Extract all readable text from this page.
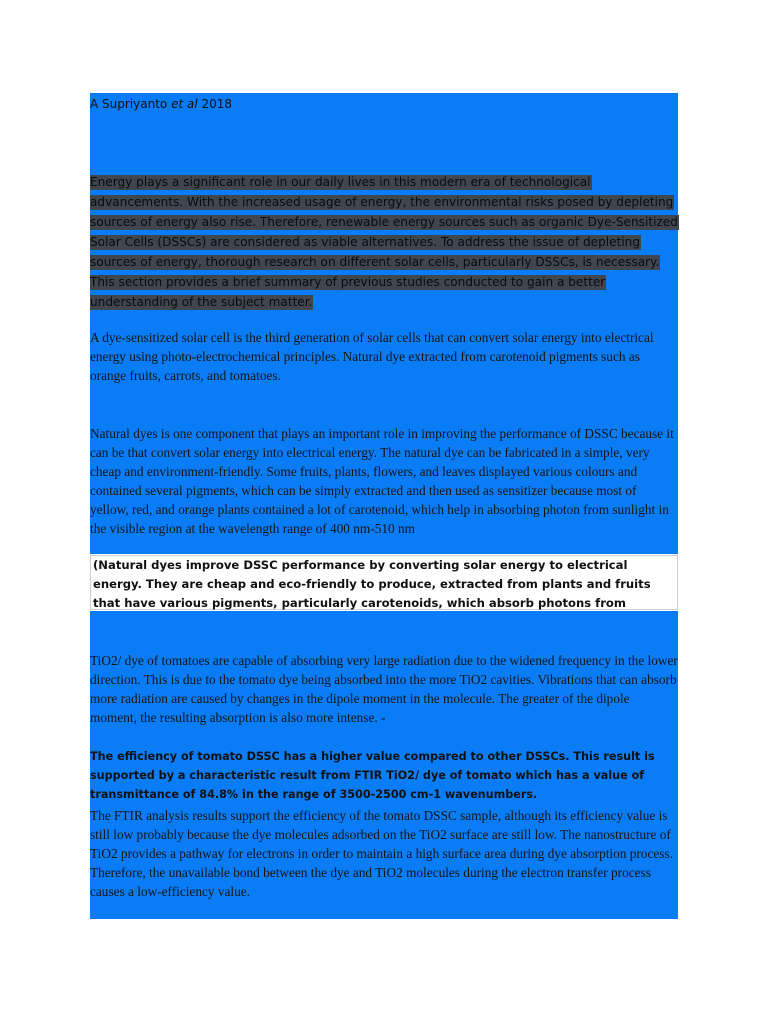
A Supriyanto et al 2018

Energy plays a significant role in our daily lives in this modern era of technological advancements. With the increased usage of energy, the environmental risks posed by depleting sources of energy also rise. Therefore, renewable energy sources such as organic Dye-Sensitized Solar Cells (DSSCs) are considered as viable alternatives. To address the issue of depleting sources of energy, thorough research on different solar cells, particularly DSSCs, is necessary. This section provides a brief summary of previous studies conducted to gain a better understanding of the subject matter.

A dye-sensitized solar cell is the third generation of solar cells that can convert solar energy into electrical energy using photo-electrochemical principles. Natural dye extracted from carotenoid pigments such as orange fruits, carrots, and tomatoes.

Natural dyes is one component that plays an important role in improving the performance of DSSC because it can be that convert solar energy into electrical energy. The natural dye can be fabricated in a simple, very cheap and environment-friendly. Some fruits, plants, flowers, and leaves displayed various colours and contained several pigments, which can be simply extracted and then used as sensitizer because most of yellow, red, and orange plants contained a lot of carotenoid, which help in absorbing photon from sunlight in the visible region at the wavelength range of 400 nm-510 nm

(Natural dyes improve DSSC performance by converting solar energy to electrical energy. They are cheap and eco-friendly to produce, extracted from plants and fruits that have various pigments, particularly carotenoids, which absorb photons from

TiO2/ dye of tomatoes are capable of absorbing very large radiation due to the widened frequency in the lower direction. This is due to the tomato dye being absorbed into the more TiO2 cavities. Vibrations that can absorb more radiation are caused by changes in the dipole moment in the molecule. The greater of the dipole moment, the resulting absorption is also more intense. -

The efficiency of tomato DSSC has a higher value compared to other DSSCs. This result is supported by a characteristic result from FTIR TiO2/ dye of tomato which has a value of transmittance of 84.8% in the range of 3500-2500 cm-1 wavenumbers.

The FTIR analysis results support the efficiency of the tomato DSSC sample, although its efficiency value is still low probably because the dye molecules adsorbed on the TiO2 surface are still low. The nanostructure of TiO2 provides a pathway for electrons in order to maintain a high surface area during dye absorption process. Therefore, the unavailable bond between the dye and TiO2 molecules during the electron transfer process causes a low-efficiency value.
